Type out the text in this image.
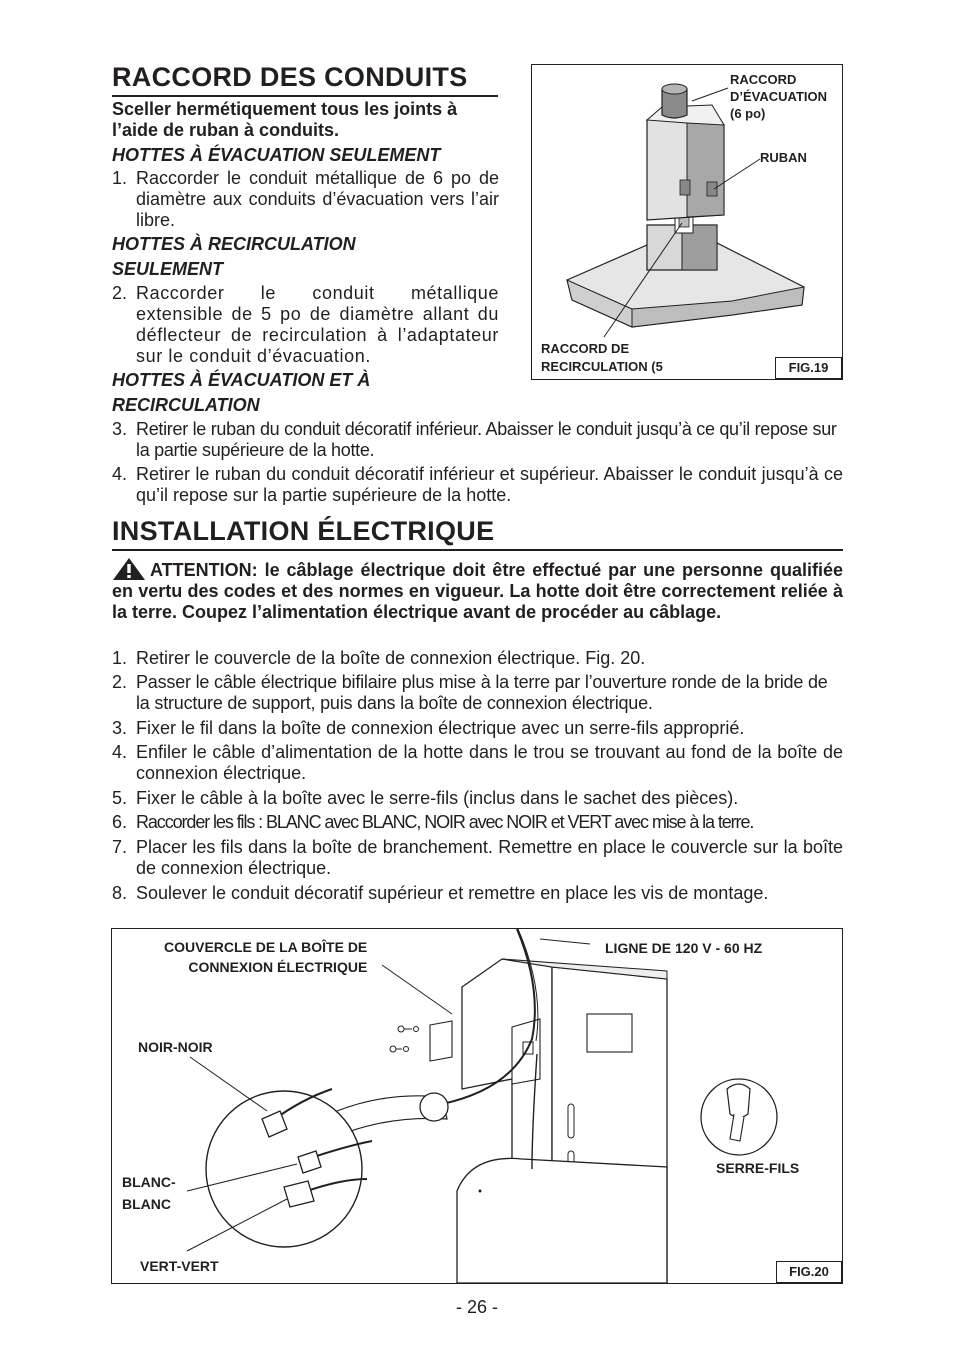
RACCORD DES CONDUITS
Sceller hermétiquement tous les joints à l’aide de ruban à conduits.
HOTTES À ÉVACUATION SEULEMENT
1. Raccorder le conduit métallique de 6 po de diamètre aux conduits d’évacuation vers l’air libre.
HOTTES À RECIRCULATION
SEULEMENT
2. Raccorder le conduit métallique extensible de 5 po de diamètre allant du déflecteur de recirculation à l’adaptateur sur le conduit d’évacuation.
HOTTES À ÉVACUATION ET À
RECIRCULATION
3. Retirer le ruban du conduit décoratif inférieur. Abaisser le conduit jusqu’à ce qu’il repose sur la partie supérieure de la hotte.
4. Retirer le ruban du conduit décoratif inférieur et supérieur. Abaisser le conduit jusqu’à ce qu’il repose sur la partie supérieure de la hotte.
RACCORD
D’ÉVACUATION
(6 po)
RUBAN
RACCORD DE
RECIRCULATION (5	FIG.19
INSTALLATION ÉLECTRIQUE
ATTENTION: le câblage électrique doit être effectué par une personne qualifiée en vertu des codes et des normes en vigueur. La hotte doit être correctement reliée à la terre. Coupez l’alimentation électrique avant de procéder au câblage.
1. Retirer le couvercle de la boîte de connexion électrique. Fig. 20.
2. Passer le câble électrique bifilaire plus mise à la terre par l’ouverture ronde de la bride de la structure de support, puis dans la boîte de connexion électrique.
3. Fixer le fil dans la boîte de connexion électrique avec un serre-fils approprié.
4. Enfiler le câble d’alimentation de la hotte dans le trou se trouvant au fond de la boîte de connexion électrique.
5. Fixer le câble à la boîte avec le serre-fils (inclus dans le sachet des pièces).
6. Raccorder les fils : BLANC avec BLANC, NOIR avec NOIR et VERT avec mise à la terre.
7. Placer les fils dans la boîte de branchement. Remettre en place le couvercle sur la boîte de connexion électrique.
8. Soulever le conduit décoratif supérieur et remettre en place les vis de montage.
COUVERCLE DE LA BOÎTE DE
CONNEXION ÉLECTRIQUE
LIGNE DE 120 V - 60 HZ
NOIR-NOIR
BLANC-
BLANC
VERT-VERT
SERRE-FILS
FIG.20
- 26 -
